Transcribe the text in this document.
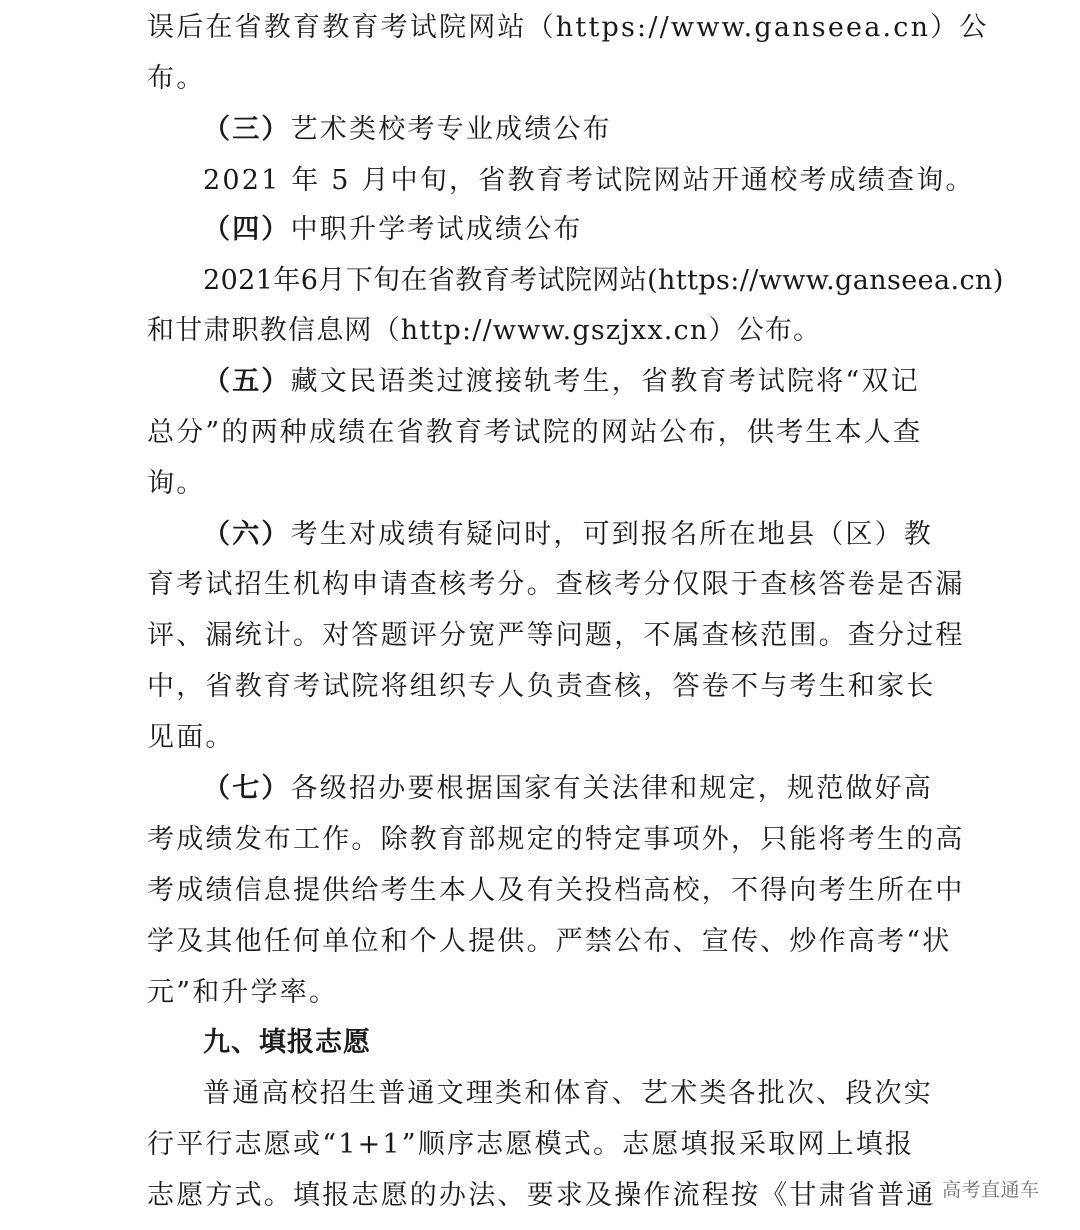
误后在省教育教育考试院网站（https://www.ganseea.cn）公
布。
（三）艺术类校考专业成绩公布
2021 年 5 月中旬，省教育考试院网站开通校考成绩查询。
（四）中职升学考试成绩公布
2021年6月下旬在省教育考试院网站(https://www.ganseea.cn)
和甘肃职教信息网（http://www.gszjxx.cn）公布。
（五）藏文民语类过渡接轨考生，省教育考试院将“双记
总分”的两种成绩在省教育考试院的网站公布，供考生本人查
询。
（六）考生对成绩有疑问时，可到报名所在地县（区）教
育考试招生机构申请查核考分。查核考分仅限于查核答卷是否漏
评、漏统计。对答题评分宽严等问题，不属查核范围。查分过程
中，省教育考试院将组织专人负责查核，答卷不与考生和家长
见面。
（七）各级招办要根据国家有关法律和规定，规范做好高
考成绩发布工作。除教育部规定的特定事项外，只能将考生的高
考成绩信息提供给考生本人及有关投档高校，不得向考生所在中
学及其他任何单位和个人提供。严禁公布、宣传、炒作高考“状
元”和升学率。
九、填报志愿
普通高校招生普通文理类和体育、艺术类各批次、段次实
行平行志愿或“1+1”顺序志愿模式。志愿填报采取网上填报
志愿方式。填报志愿的办法、要求及操作流程按《甘肃省普通 高考直通车
